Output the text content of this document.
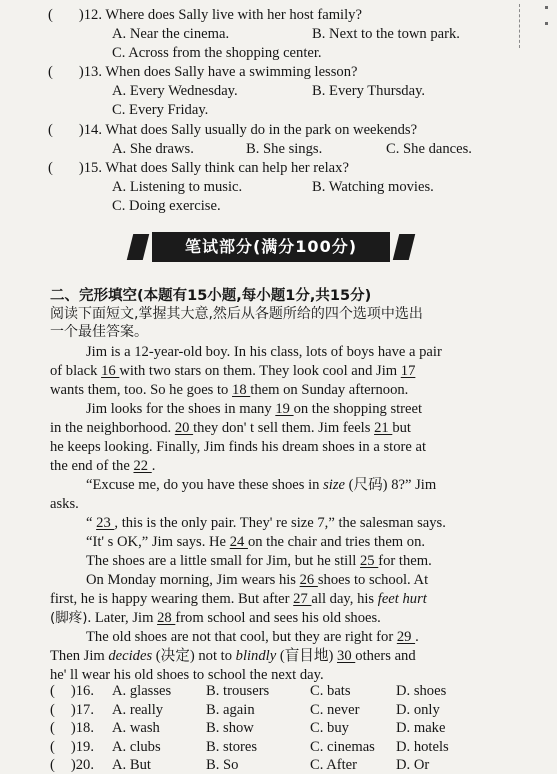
( )12. Where does Sally live with her host family?
A. Near the cinema.	B. Next to the town park.
C. Across from the shopping center.
( )13. When does Sally have a swimming lesson?
A. Every Wednesday.	B. Every Thursday.
C. Every Friday.
( )14. What does Sally usually do in the park on weekends?
A. She draws.	B. She sings.	C. She dances.
( )15. What does Sally think can help her relax?
A. Listening to music.	B. Watching movies.
C. Doing exercise.
笔试部分(满分100分)
二、完形填空(本题有15小题,每小题1分,共15分)
阅读下面短文,掌握其大意,然后从各题所给的四个选项中选出
一个最佳答案。
Jim is a 12-year-old boy. In his class, lots of boys have a pair
of black 16 with two stars on them. They look cool and Jim 17
wants them, too. So he goes to 18 them on Sunday afternoon.
Jim looks for the shoes in many 19 on the shopping street
in the neighborhood. 20 they don' t sell them. Jim feels 21 but
he keeps looking. Finally, Jim finds his dream shoes in a store at
the end of the 22 .
“Excuse me, do you have these shoes in size (尺码) 8?” Jim
asks.
“ 23 , this is the only pair. They' re size 7,” the salesman says.
“It' s OK,” Jim says. He 24 on the chair and tries them on.
The shoes are a little small for Jim, but he still 25 for them.
On Monday morning, Jim wears his 26 shoes to school. At
first, he is happy wearing them. But after 27 all day, his feet hurt
(脚疼). Later, Jim 28 from school and sees his old shoes.
The old shoes are not that cool, but they are right for 29 .
Then Jim decides (决定) not to blindly (盲目地) 30 others and
he' ll wear his old shoes to school the next day.
( )16. A. glasses B. trousers	C. bats	D. shoes
( )17. A. really	B. again	C. never	D. only
( )18. A. wash	B. show	C. buy	D. make
( )19. A. clubs	B. stores	C. cinemas D. hotels
( )20. A. But	B. So	C. After	D. Or
